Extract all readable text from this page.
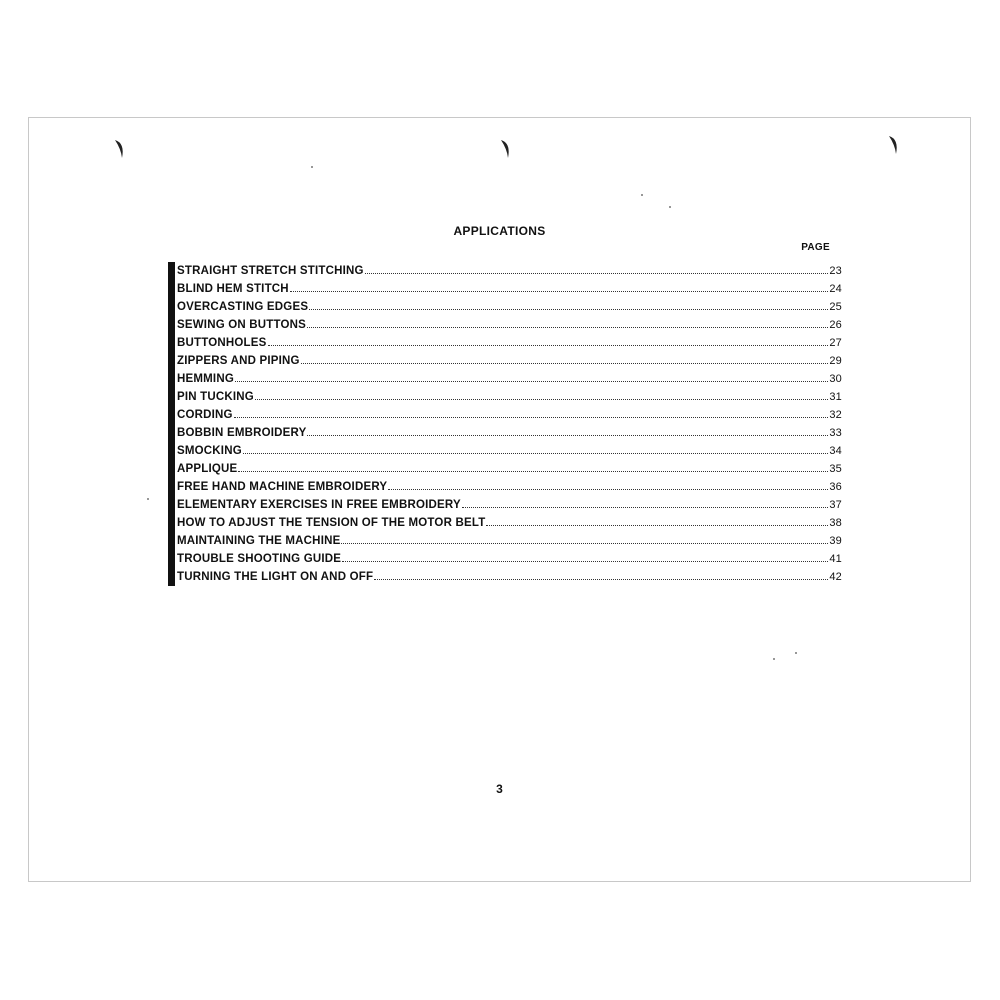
APPLICATIONS
PAGE
STRAIGHT STRETCH STITCHING	23
BLIND HEM STITCH	24
OVERCASTING EDGES	25
SEWING ON BUTTONS	26
BUTTONHOLES	27
ZIPPERS AND PIPING	29
HEMMING	30
PIN TUCKING	31
CORDING	32
BOBBIN EMBROIDERY	33
SMOCKING	34
APPLIQUE	35
FREE HAND MACHINE EMBROIDERY	36
ELEMENTARY EXERCISES IN FREE EMBROIDERY	37
HOW TO ADJUST THE TENSION OF THE MOTOR BELT	38
MAINTAINING THE MACHINE	39
TROUBLE SHOOTING GUIDE	41
TURNING THE LIGHT ON AND OFF	42
3
